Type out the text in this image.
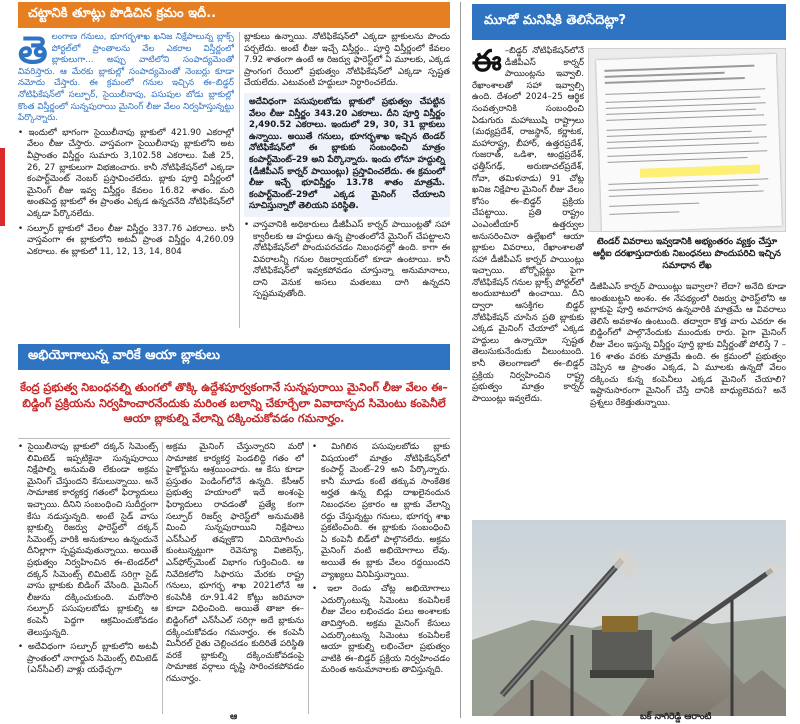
చట్టానికి తూట్లు పొడిచిన క్రమం ఇదీ..

తె లంగాణ గనులు, భూగర్భశాఖ ఖనిజ నిక్షేపాలున్న బ్లాక్స్ పోర్టల్‌లో ప్రాంతాలను వేల ఎకరాల విస్తీర్ణంలో బ్లాకులుగా... అప్పు వాటిలోని సంపాద్యమెంతో వివరిస్తారు. ఆ మేరకు బ్లాకుల్లో సంపాద్యమెంతో నెంబర్లు కూడా నమోదు చేస్తారు. ఈ క్రమంలో గనుల ఇచ్చిన ఈ–బిడ్డర్ నోటిఫికేషన్‌లో సల్ఫూర్, సైయిలీనాపు, పసుపుల బోడు బ్లాకుల్లో కొంత విస్తీర్ణంలో సున్నపురాయి మైనింగ్ లీజు వేలం నిర్వహిస్తున్నట్టు పేర్కొన్నారు.

• ఇందులో భాగంగా సైయిలీనాపు బ్లాకులో 421.90 ఎకరాల్లో వేలం లీజు చేస్తారు. వాస్తవంగా సైయిలీనాపు బ్లాకులోని అట వీప్రాంతం విస్తీర్ణం సుమారు 3,102.58 ఎకరాలు. పేజీ 25, 26, 27 బ్లాకులుగా విభజించారు. కానీ నోటిఫికేషన్‌లో ఎక్కడా కంపార్ట్‌మెంట్ నెంబర్ ప్రస్తావించలేదు. బ్లాకు పూర్తి విస్తీర్ణంలో మైనింగ్ లీజు ఇవ్వ విస్తీర్ణం కేవలం 16.82 శాతం. మరి అంతపెద్ద బ్లాకులో ఈ ప్రాంతం ఎక్కడ ఉన్నదనేది నోటిఫికేషన్‌లో ఎక్కడా పేర్కొనలేదు.

• సల్ఫూర్ బ్లాకులో వేలం లీజు విస్తీర్ణం 337.76 ఎకరాలు. కానీ వాస్తవంగా ఈ బ్లాకులోని అటవీ ప్రాంత విస్తీర్ణం 4,260.09 ఎకరాలు. ఈ బ్లాకులో 11, 12, 13, 14, 804

బ్లాకులు ఉన్నాయి. నోటిఫికేషన్‌లో ఎక్కడా బ్లాకులను పొందు పర్చలేదు. అంటే లీజు ఇచ్చే విస్తీర్ణం.. పూర్తి విస్తీర్ణంలో కేవలం 7.92 శాతంగా ఉంటే ఆ రిజర్వు ఫారెస్ట్‌లో ఏ మూలకు, ఎక్కడ ప్రాంగంగ రేయిలో ప్రభుత్వం నోటిఫికేషన్‌లో ఎక్కడా స్పష్టత చేయలేదు. ఎటువంటి హద్దులూ నిర్ధారించలేదు.

అదేవిధంగా పసుపులబోడు బ్లాకులో ప్రభుత్వం చేపట్టిన వేలం లీజు విస్తీర్ణం 343.20 ఎకరాలు. దీని పూర్తి విస్తీర్ణం 2,490.52 ఎకరాలు. ఇందులో 29, 30, 31 బ్లాకులు ఉన్నాయి. అయితే గనులు, భూగర్భశాఖ ఇచ్చిన టెండర్ నోటిఫికేషన్‌లో ఈ బ్లాకుకు సంబంధించి మాత్రం కంపార్ట్‌మెంట్–29 అని పేర్కొన్నారు. ఇందు లోనూ హద్దుల్ని (డీజీపీఎస్ కార్నర్ పాయింట్లు) ప్రస్తావించలేదు. ఈ క్రమంలో లీజు ఇచ్చే భూవిస్తీర్ణం 13.78 శాతం మాత్రమే. కంపార్ట్‌మెంట్–29లో ఎక్కడ మైనింగ్ చేయాలని సూచిస్తున్నారో తెలియని పరిస్థితి.

• వాస్తవానికి అధికారులు డీజీపీఎస్ కార్నర్ పాయింట్లతో సహా క్వారీలకు ఆ హద్దులు ఉన్న ప్రాంతంలోనే మైనింగ్ చేపట్టాలని నోటిఫికేషన్‌లో పొందుపరచడం నిబంధనల్లో ఉంది. కాగా ఈ వివరాలన్నీ గనుల రిజర్వాయర్‌లో కూడా ఉంటాయి. కానీ నోటిఫికేషన్‌లో ఇవ్వకపోవడం చూస్తున్నా అనుమానాలు, దాని వెనుక అసలు మతలబు దాగి ఉన్నదని స్పష్టమవుతోంది.

అభియోగాలున్న వారికే ఆయా బ్లాకులు
కేంద్ర ప్రభుత్వ నిబంధనల్ని తుంగలో తొక్కి ఉద్దేశపూర్వకంగానే సున్నపురాయి మైనింగ్ లీజు వేలం ఈ–బిడ్డింగ్ ప్రక్రియను నిర్వహించారనేందుకు మరింత బలాన్ని చేకూర్చేలా వివాదాస్పద సిమెంటు కంపెనీలే ఆయా బ్లాకుల్ని వేలాన్ని దక్కించుకోవడం గమనార్హం.

• సైయిలీనాపు బ్లాకులో దక్కన్ సిమెంట్స్ లిమిటెడ్ ఇప్పటికైనా సున్నపురాయి నిక్షేపాల్ని అనుమతి లేకుండా అక్రమ మైనింగ్ చేస్తుందని కేసులున్నాయి. అనే సామాజిక కార్యకర్త గతంలో ఫిర్యాదులు ఇచ్చాయి. దీనిని సంబంధించి సుదీర్ఘంగా కేసు నడుస్తున్నది. అంటే సైడ్ వాసు బ్లాకుల్ని రిజర్వు ఫారెస్ట్‌లో దక్కన్ సిమెంట్స్ వారికి అనుకూలం ఉన్నందునే దీనిల్లాగా స్పష్టమవుతున్నాయి. అయితే ప్రభుత్వం నిర్వహించిన ఈ–టెండర్‌లో దక్కన్ సిమెంట్స్ లిమిటెడ్ సరిగ్గా సైడ్ వాసు బ్లాకుకు బిడింగ్ వేసింది. మైనింగ్ లీజును దక్కించుకుంది. మరోసారి సల్ఫూర్ పసుపులబోడు బ్లాకుల్ని ఆ కంపెనీ పెద్దగా ఆక్రమించుకోవడం తెలుస్తున్నది.

• అదేవిధంగా సల్ఫూర్ బ్లాకులోని అటవీ ప్రాంతంలో నాగార్జున సిమెంట్స్ లిమిటెడ్ (ఎన్‌సీఎల్) వాళ్లు యధేచ్ఛగా

అక్రమ మైనింగ్ చేస్తున్నారని మరో సామాజిక కార్యకర్త పెండలిద్ది గతం లో హైకోర్టును ఆశ్రయించారు. ఆ కేసు కూడా ప్రస్తుతం పెండింగ్‌లోనే ఉన్నది. కేసీఆర్ ప్రభుత్వ హయాంలో ఇదే అంశంపై ఫిర్యాదులు రావడంతో ప్రత్యే కంగా సల్ఫూర్ రిజర్వ్ ఫారెస్ట్‌లో అనుమతికి మించి సున్నపురాయిని నిక్షేపాలు ఎన్‌సీఎల్ తవ్వుకొని వినియోగించు కుంటున్నట్టుగా రెవెన్యూ విజిలెన్స్, ఎన్‌ఫోర్స్‌మెంట్ విభాగం గుర్తించింది. ఆ నివేదికలోని సిఫారసు మేరకు రాష్ట్ర గనులు, భూగర్భ శాఖ 2021లోనే ఆ కంపెనీకి రూ.91.42 కోట్లు జరిమానా కూడా విధించింది. అయితే తాజా ఈ–బిడ్డింగ్‌లో ఎన్‌సీఎల్ సరిగ్గా అదే బ్లాకును దక్కించుకోవడం గమనార్హం. ఈ కంపెనీ మినీరల్ రైతు చెల్లించడం కుదిరితే పరిస్థితి వరకే బ్లాకుల్ని దక్కించుకోవడంపై సామాజిక వర్గాలు దృష్టి సారించకపోవడం గమనార్హం.

• మిగిలిన పసుపులబోడు బ్లాకు విషయంలో మాత్రం నోటిఫికేషన్‌లో కంపార్ట్ మెంట్–29 అని పేర్కొన్నారు. కానీ మూడు కంటే తక్కువ సాంకేతిక అర్హత ఉన్న బిడ్లు దాఖలైనందున నిబంధనల ప్రకారం ఆ బ్లాకు వేలాన్ని రద్దు చేస్తున్నట్టు గనులు, భూగర్భ శాఖ ప్రకటించింది. ఈ బ్లాకుకు సంబంధించి ఏ కంపెనీ బిడ్‌లో పాల్గొనలేదు. అక్రమ మైనింగ్ వంటి అభియోగాలు లేవు. అయితే ఈ బ్లాకు వేలం రద్దయిందని వ్యాఖ్యలు వినిపిస్తున్నాయి.

• ఇలా రెండు చోట్ల అభియోగాలు ఎదుర్కొంటున్న సిమెంటు కంపెనీలకే లీజు వేలం లభించడం పలు అంశాలకు తావిస్తోంది. అక్రమ మైనింగ్ కేసులు ఎదుర్కొంటున్న సిమెంటు కంపెనీలకే ఆయా బ్లాకుల్ని లభించేలా ప్రభుత్వం వాటికి ఈ–బిడ్డర్ ప్రక్రియ నిర్వహించడం మరింత అనుమానాలకు తావిస్తున్నది.

మూడో మనిషికి తెలిసేదెట్లా?

ఈ –బిడ్డర్ నోటిఫికేషన్‌లోనే డీజీపీఎస్ కార్నర్ పాయింట్లను ఇవ్వాలి. రేఖాంశాలతో సహా ఇవ్వాల్సి ఉంది. దేశంలో 2024–25 ఆర్థిక సంవత్సరానికి సంబంధించి ఏడుగురు మహాఋషి రాష్ట్రాలు (మధ్యప్రదేశ్, రాజస్థాన్, కర్ణాటక, మహారాష్ట్ర, బీహార్, ఉత్తరప్రదేశ్, గుజరాత్, ఒడిశా, ఆంధ్రప్రదేశ్, ఛత్తీస్‌గఢ్, అరుణాచల్‌ప్రదేశ్, గోవా, తమిళనాడు) 91 చోట్ల ఖనిజ నిక్షేపాల మైనింగ్ లీజు వేలం కోసం ఈ–బిడ్డర్ ప్రక్రియ చేపట్టాయి. ప్రతి రాష్ట్రం ఎంఎంటీయార్ ఉత్తర్వుల అనుసరించినా ఉల్లేఖలో ఆయా బ్లాకుల వివరాలు, రేఖాంశాలతో సహా డీజీపీఎస్ కార్నర్ పాయింట్లు ఇచ్చాయి. బోర్బోప్లట్టు పైగా నోటిఫికేషన్ గనుల బ్లాక్స్ పోర్టల్‌లో అందుబాటులో ఉంచాయి. దీని ద్వారా ఆసక్తిగల బిడ్డర్ నోటిఫికేషన్ చూసిన ప్రతి బ్లాకుకు ఎక్కడ మైనింగ్ చేయాలో ఎక్కడ హద్దులు ఉన్నాయో స్పష్టత తెలుసుకునేందుకు వీలుంటుంది. కానీ తెలంగాణలో ఈ–బిడ్డర్ ప్రక్రియ నిర్వహించిన రాష్ట్ర ప్రభుత్వం మాత్రం కార్నర్ పాయింట్లు ఇవ్వలేదు.

టెండర్ వివరాలు ఇవ్వడానికి అభ్యంతరం వ్యక్తం చేస్తూ ఆర్టీఐ దరఖాస్తుదారుకు నిబంధనలు పొందుపరిచి ఇచ్చిన సమాధాన లేఖ

డీజీపీఎస్ కార్నర్ పాయింట్లు ఇవ్వాలా? లేదా? అనేది కూడా అంతుబట్టని అంశం. ఈ నేపథ్యంలో రిజర్వు ఫారెస్ట్‌లోని ఆ బ్లాకుపై పూర్తి అవగాహన ఉన్నవారికి మాత్రమే ఆ వివరాలు తెలిసే అవకాశం ఉంటుంది. తద్వారా కొత్త వారు ఎవరూ ఈ బిడ్డింగ్‌లో పాల్గొనేందుకు ముందుకు రారు. పైగా మైనింగ్ లీజు వేలం ఇస్తున్న విస్తీర్ణం పూర్తి బ్లాకు విస్తీర్ణంతో పోలిస్తే 7 –16 శాతం వరకు మాత్రమే ఉంది. ఈ క్రమంలో ప్రభుత్వం చెప్పిన ఆ ప్రాంతం ఎక్కడ, ఏ మూలకు ఉన్నదో వేలం దక్కించు కున్న కంపెనీలు ఎక్కడ మైనింగ్ చేయాలి? ఇష్టానుసారంగా మైనింగ్ చేస్తే దానికి బాధ్యులెవరు? అనే ప్రశ్నలు రేకెత్తుతున్నాయి.

ఆ	బక్ నాగిరెడ్డి ఆరాంటి
